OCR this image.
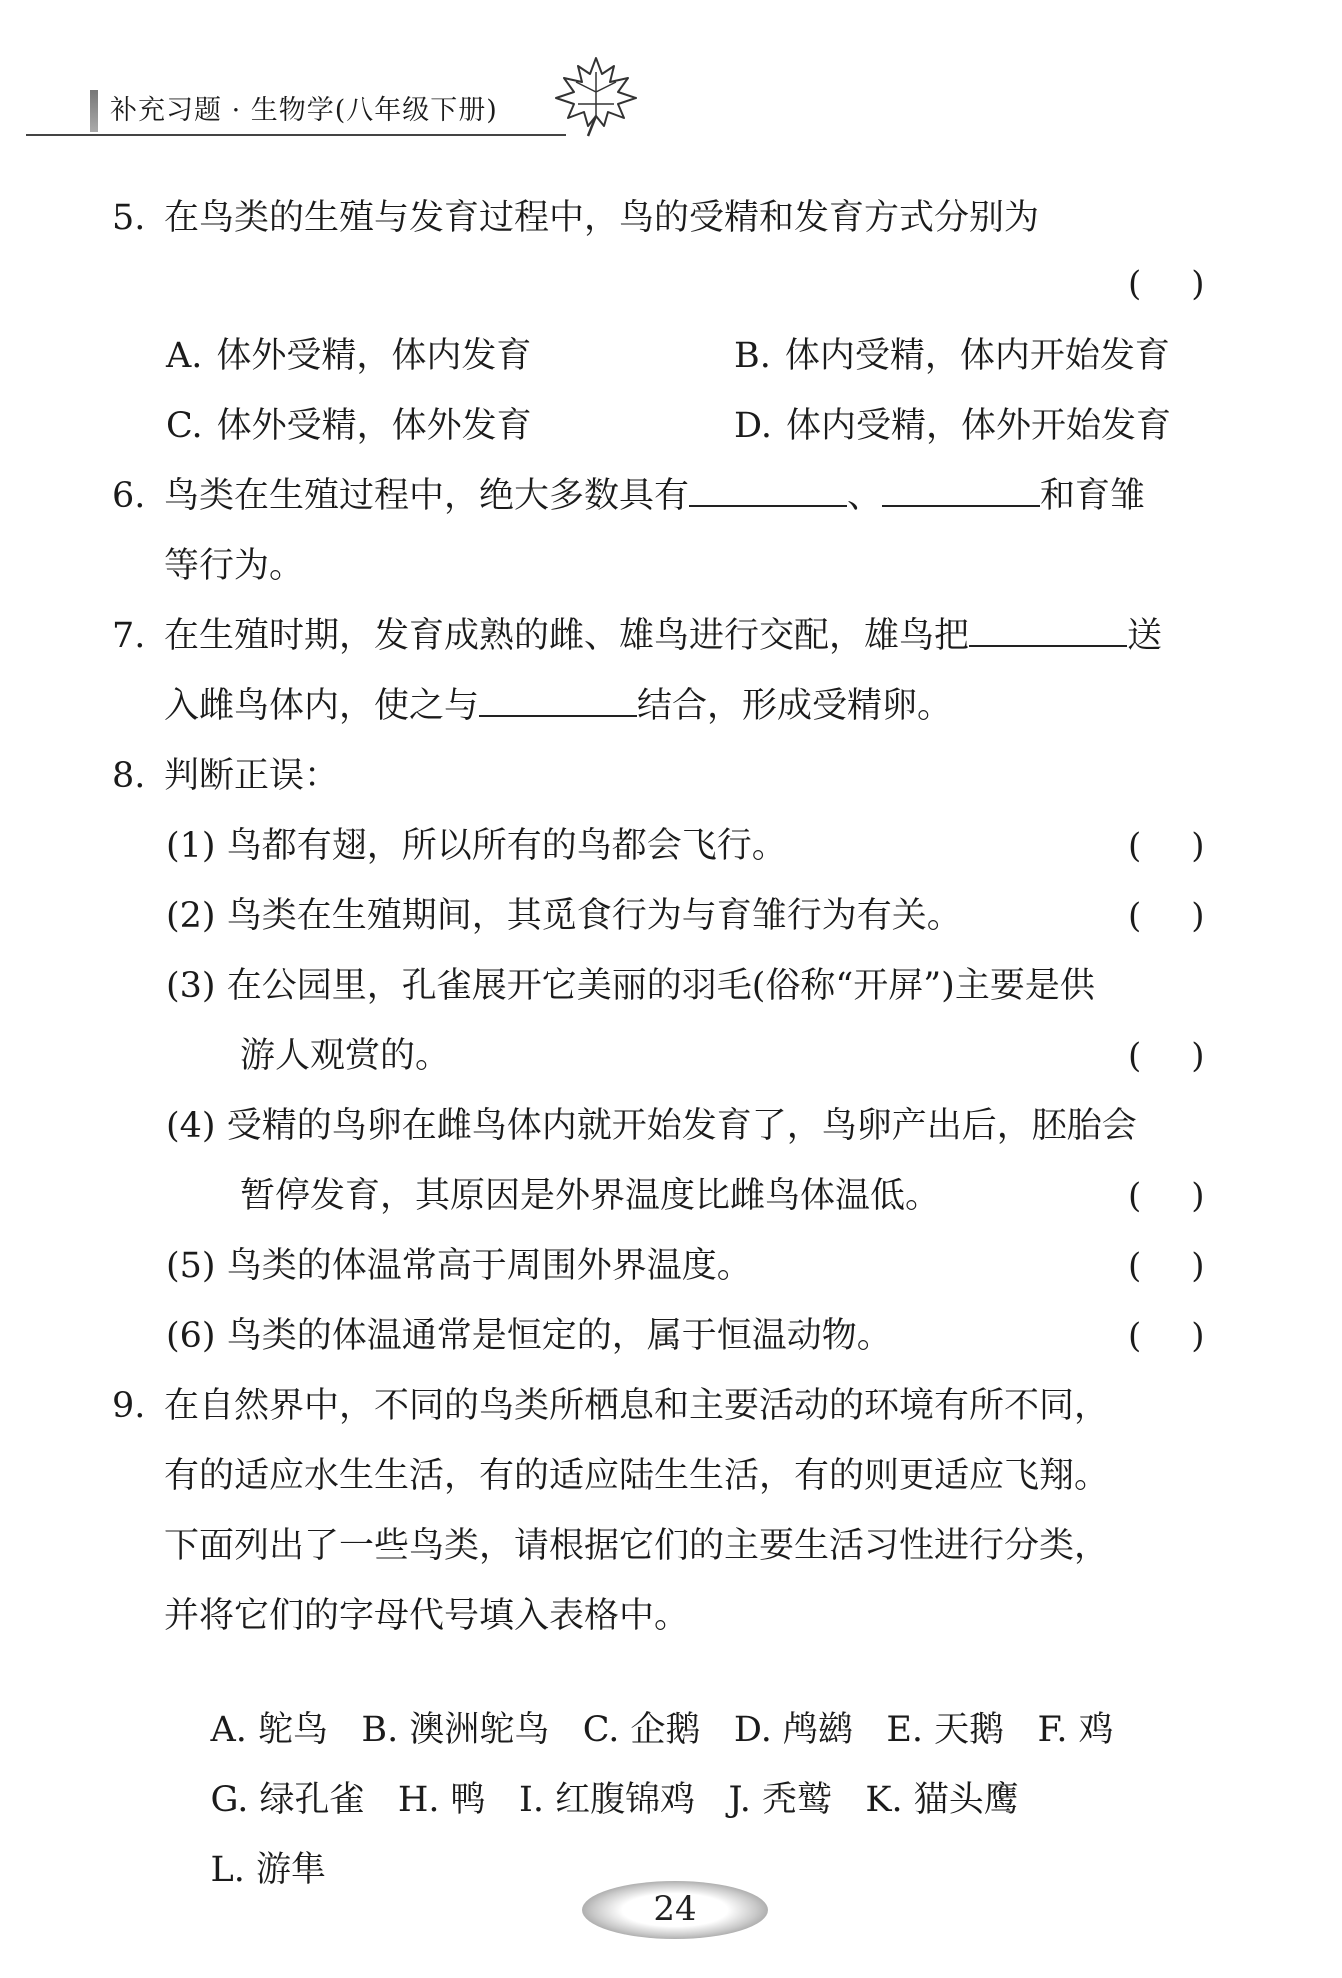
补充习题 · 生物学(八年级下册)
5. 在鸟类的生殖与发育过程中，鸟的受精和发育方式分别为
( )
A. 体外受精，体内发育	B. 体内受精，体内开始发育
C. 体外受精，体外发育	D. 体内受精，体外开始发育
6. 鸟类在生殖过程中，绝大多数具有	、	和育雏
等行为。
7. 在生殖时期，发育成熟的雌、雄鸟进行交配，雄鸟把	送
入雌鸟体内，使之与	结合，形成受精卵。
8. 判断正误：
(1) 鸟都有翅，所以所有的鸟都会飞行。	( )
(2) 鸟类在生殖期间，其觅食行为与育雏行为有关。	( )
(3) 在公园里，孔雀展开它美丽的羽毛(俗称“开屏”)主要是供
游人观赏的。	( )
(4) 受精的鸟卵在雌鸟体内就开始发育了，鸟卵产出后，胚胎会
暂停发育，其原因是外界温度比雌鸟体温低。	( )
(5) 鸟类的体温常高于周围外界温度。	( )
(6) 鸟类的体温通常是恒定的，属于恒温动物。	( )
9. 在自然界中，不同的鸟类所栖息和主要活动的环境有所不同，
有的适应水生生活，有的适应陆生生活，有的则更适应飞翔。
下面列出了一些鸟类，请根据它们的主要生活习性进行分类，
并将它们的字母代号填入表格中。

A. 鸵鸟   B. 澳洲鸵鸟   C. 企鹅   D. 鸬鹚   E. 天鹅   F. 鸡

G. 绿孔雀   H. 鸭   I. 红腹锦鸡   J. 秃鹫   K. 猫头鹰

L. 游隼

24
